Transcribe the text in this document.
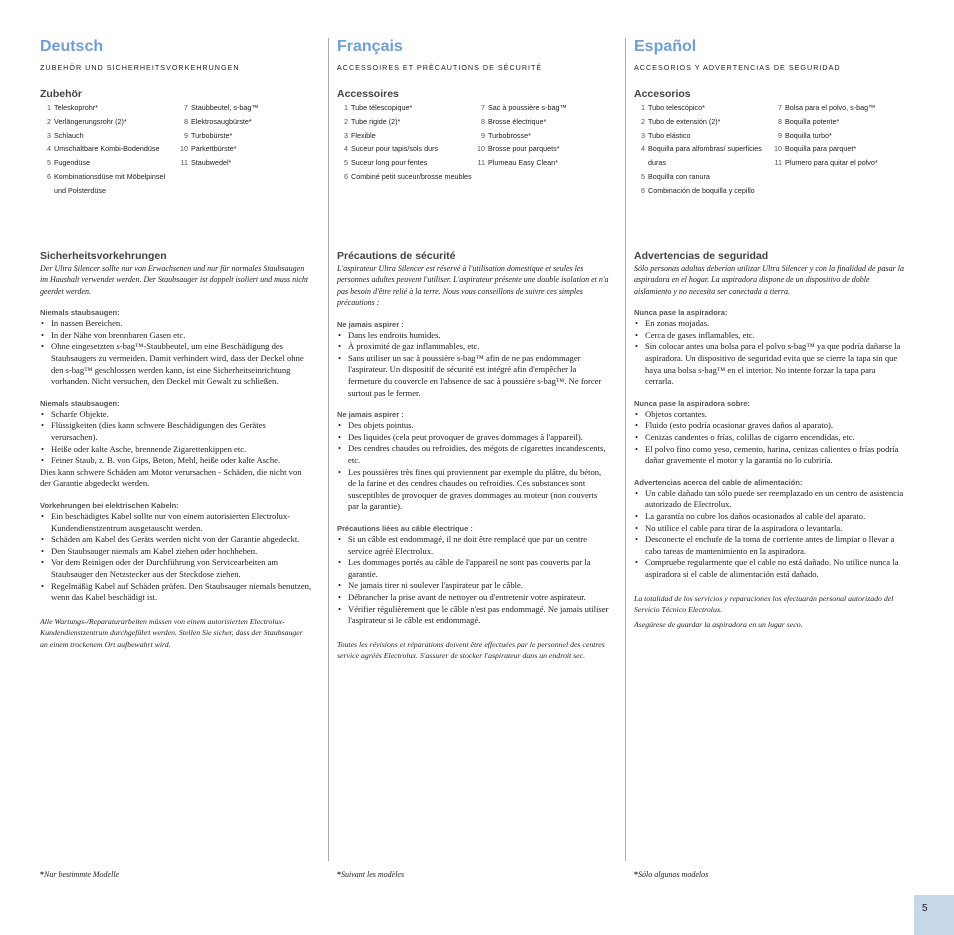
Deutsch
ZUBEHÖR UND SICHERHEITSVORKEHRUNGEN
Zubehör
1 Teleskoprohr*
2 Verlängerungsrohr (2)*
3 Schlauch
4 Umschaltbare Kombi-Bodendüse
5 Fugendüse
6 Kombinationsdüse mit Möbelpinsel und Polsterdüse
7 Staubbeutel, s-bag™
8 Elektrosaugbürste*
9 Turbobürste*
10 Parkettbürste*
11 Staubwedel*
Sicherheitsvorkehrungen
Der Ultra Silencer sollte nur von Erwachsenen und nur für normales Staubsaugen im Haushalt verwendet werden. Der Staubsauger ist doppelt isoliert und muss nicht geerdet werden.
Niemals staubsaugen:
• In nassen Bereichen.
• In der Nähe von brennbaren Gasen etc.
• Ohne eingesetzten s-bag™-Staubbeutel, um eine Beschädigung des Staubsaugers zu vermeiden. Damit verhindert wird, dass der Deckel ohne den s-bag™ geschlossen werden kann, ist eine Sicherheitseinrichtung vorhanden. Nicht versuchen, den Deckel mit Gewalt zu schließen.
Niemals staubsaugen:
• Scharfe Objekte.
• Flüssigkeiten (dies kann schwere Beschädigungen des Gerätes verursachen).
• Heiße oder kalte Asche, brennende Zigarettenkippen etc.
• Feiner Staub, z. B. von Gips, Beton, Mehl, heiße oder kalte Asche.
Dies kann schwere Schäden am Motor verursachen - Schäden, die nicht von der Garantie abgedeckt werden.
Vorkehrungen bei elektrischen Kabeln:
• Ein beschädigtes Kabel sollte nur von einem autorisierten Electrolux-Kundendienstzentrum ausgetauscht werden.
• Schäden am Kabel des Geräts werden nicht von der Garantie abgedeckt.
• Den Staubsauger niemals am Kabel ziehen oder hochheben.
• Vor dem Reinigen oder der Durchführung von Servicearbeiten am Staubsauger den Netzstecker aus der Steckdose ziehen.
• Regelmäßig Kabel auf Schäden prüfen. Den Staubsauger niemals benutzen, wenn das Kabel beschädigt ist.
Alle Wartungs-/Reparaturarbeiten müssen von einem autorisierten Electrolux-Kundendienstzentrum durchgeführt werden. Stellen Sie sicher, dass der Staubsauger an einem trockenem Ort aufbewahrt wird.
Français
ACCESSOIRES ET PRÉCAUTIONS DE SÉCURITÉ
Accessoires
1 Tube télescopique*
2 Tube rigide (2)*
3 Flexible
4 Suceur pour tapis/sols durs
5 Suceur long pour fentes
6 Combiné petit suceur/brosse meubles
7 Sac à poussière s-bag™
8 Brosse électrique*
9 Turbobrosse*
10 Brosse pour parquets*
11 Plumeau Easy Clean*
Précautions de sécurité
L'aspirateur Ultra Silencer est réservé à l'utilisation domestique et seules les personnes adultes peuvent l'utiliser. L'aspirateur présente une double isolation et n'a pas besoin d'être relié à la terre. Nous vous conseillons de suivre ces simples précautions :
Ne jamais aspirer :
• Dans les endroits humides.
• À proximité de gaz inflammables, etc.
• Sans utiliser un sac à poussière s-bag™ afin de ne pas endommager l'aspirateur. Un dispositif de sécurité est intégré afin d'empêcher la fermeture du couvercle en l'absence de sac à poussière s-bag™. Ne forcer surtout pas le fermer.
Ne jamais aspirer :
• Des objets pointus.
• Des liquides (cela peut provoquer de graves dommages à l'appareil).
• Des cendres chaudes ou refroidies, des mégots de cigarettes incandescents, etc.
• Les poussières très fines qui proviennent par exemple du plâtre, du béton, de la farine et des cendres chaudes ou refroidies. Ces substances sont susceptibles de provoquer de graves dommages au moteur (non couverts par la garantie).
Précautions liées au câble électrique :
• Si un câble est endommagé, il ne doit être remplacé que par un centre service agréé Electrolux.
• Les dommages portés au câble de l'appareil ne sont pas couverts par la garantie.
• Ne jamais tirer ni soulever l'aspirateur par le câble.
• Débrancher la prise avant de nettoyer ou d'entretenir votre aspirateur.
• Vérifier régulièrement que le câble n'est pas endommagé. Ne jamais utiliser l'aspirateur si le câble est endommagé.
Toutes les révisions et réparations doivent être effectuées par le personnel des centres service agréés Electrolux. S'assurer de stocker l'aspirateur dans un endroit sec.
Español
ACCESORIOS Y ADVERTENCIAS DE SEGURIDAD
Accesorios
1 Tubo telescópico*
2 Tubo de extensión (2)*
3 Tubo elástico
4 Boquilla para alfombras/ superficies duras
5 Boquilla con ranura
6 Combinación de boquilla y cepillo
7 Bolsa para el polvo, s-bag™
8 Boquilla potente*
9 Boquilla turbo*
10 Boquilla para parquet*
11 Plumero para quitar el polvo*
Advertencias de seguridad
Sólo personas adultas deberían utilizar Ultra Silencer y con la finalidad de pasar la aspiradora en el hogar. La aspiradora dispone de un dispositivo de doble aislamiento y no necesita ser conectada a tierra.
Nunca pase la aspiradora:
• En zonas mojadas.
• Cerca de gases inflamables, etc.
• Sin colocar antes una bolsa para el polvo s-bag™ ya que podría dañarse la aspiradora. Un dispositivo de seguridad evita que se cierre la tapa sin que haya una bolsa s-bag™ en el interior. No intente forzar la tapa para cerrarla.
Nunca pase la aspiradora sobre:
• Objetos cortantes.
• Fluido (esto podría ocasionar graves daños al aparato).
• Cenizas candentes o frías, colillas de cigarro encendidas, etc.
• El polvo fino como yeso, cemento, harina, cenizas calientes o frías podría dañar gravemente el motor y la garantía no lo cubriría.
Advertencias acerca del cable de alimentación:
• Un cable dañado tan sólo puede ser reemplazado en un centro de asistencia autorizado de Electrolux.
• La garantía no cubre los daños ocasionados al cable del aparato.
• No utilice el cable para tirar de la aspiradora o levantarla.
• Desconecte el enchufe de la toma de corriente antes de limpiar o llevar a cabo tareas de mantenimiento en la aspiradora.
• Compruebe regularmente que el cable no está dañado. No utilice nunca la aspiradora si el cable de alimentación está dañado.
La totalidad de los servicios y reparaciones los efectuarán personal autorizado del Servicio Técnico Electrolux.
Asegúrese de guardar la aspiradora en un lugar seco.
5
*Nur bestimmte Modelle	*Suivant les modèles	*Sólo algunos modelos
